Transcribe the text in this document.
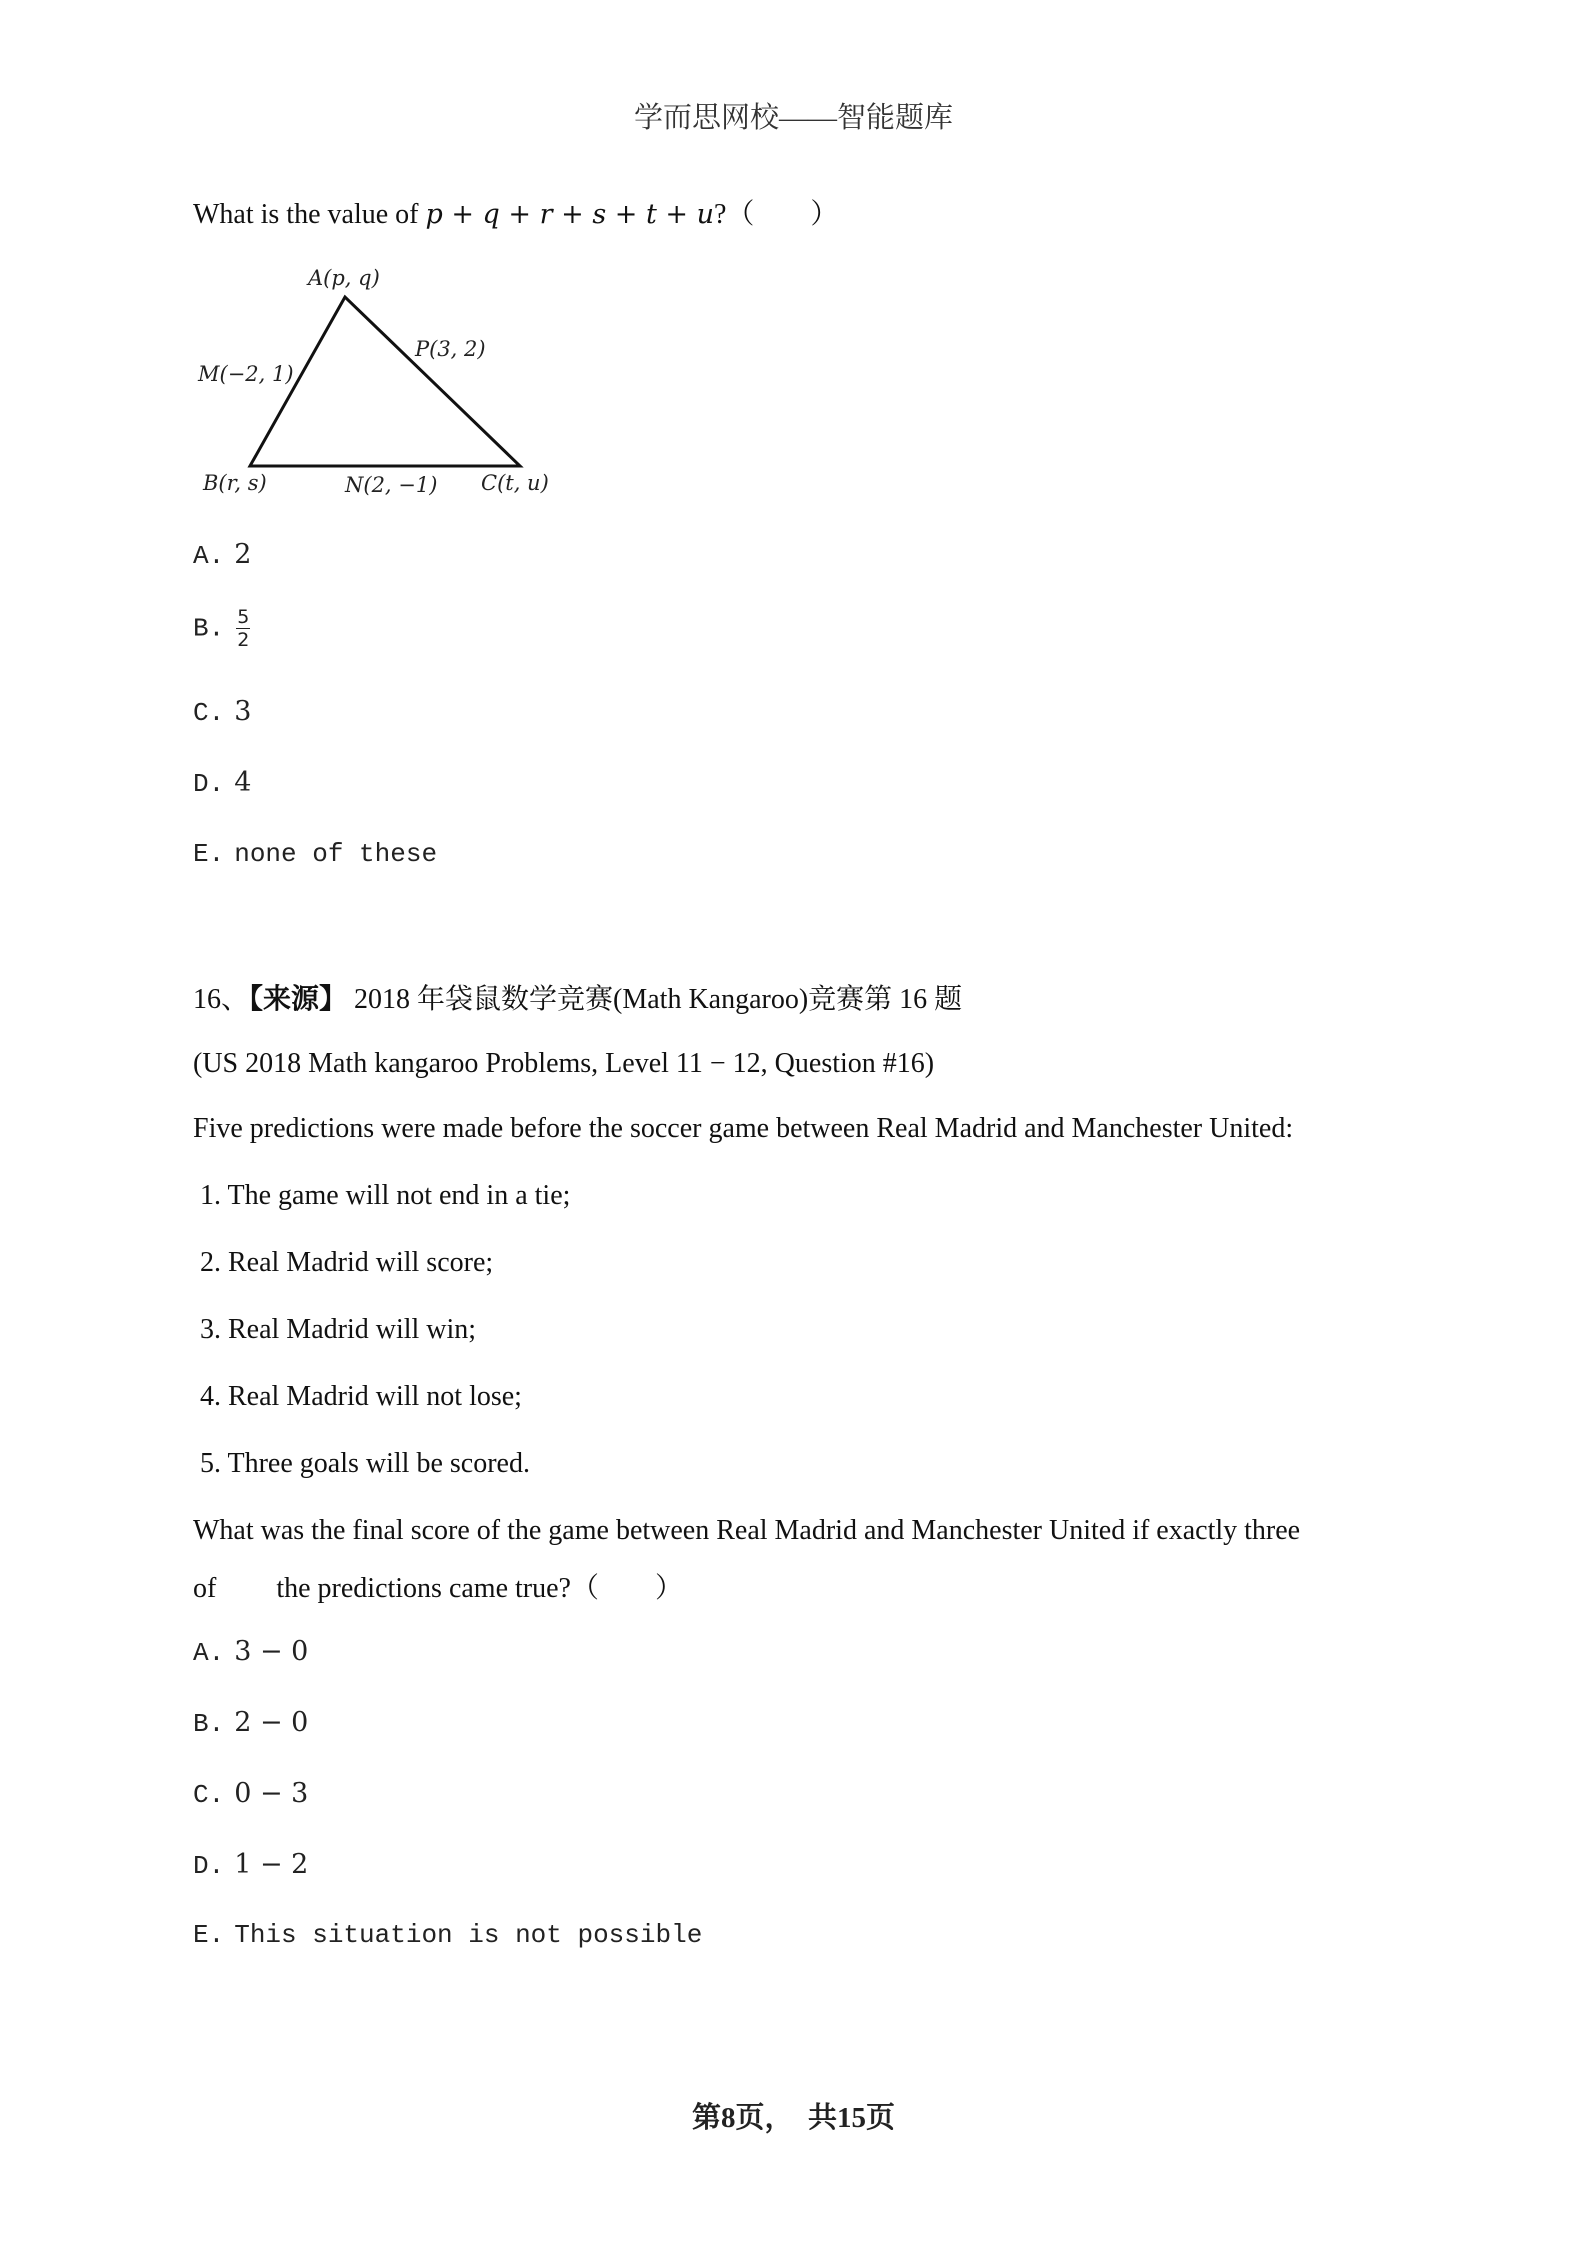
学而思网校——智能题库
What is the value of p + q + r + s + t + u?（　　）
A(p, q)
P(3, 2)
M(−2, 1)
B(r, s)	N(2, −1) C(t, u)
A. 2
B. $\frac{5}{2}$
C. 3
D. 4
E. none of these
16、【来源】 2018 年袋鼠数学竞赛(Math Kangaroo)竞赛第 16 题
(US 2018 Math kangaroo Problems, Level 11 − 12, Question #16)
Five predictions were made before the soccer game between Real Madrid and Manchester United:
1. The game will not end in a tie;
2. Real Madrid will score;
3. Real Madrid will win;
4. Real Madrid will not lose;
5. Three goals will be scored.
What was the final score of the game between Real Madrid and Manchester United if exactly three
of the predictions came true?（　　）
A. 3 − 0
B. 2 − 0
C. 0 − 3
D. 1 − 2
E. This situation is not possible
第8页，　共15页
